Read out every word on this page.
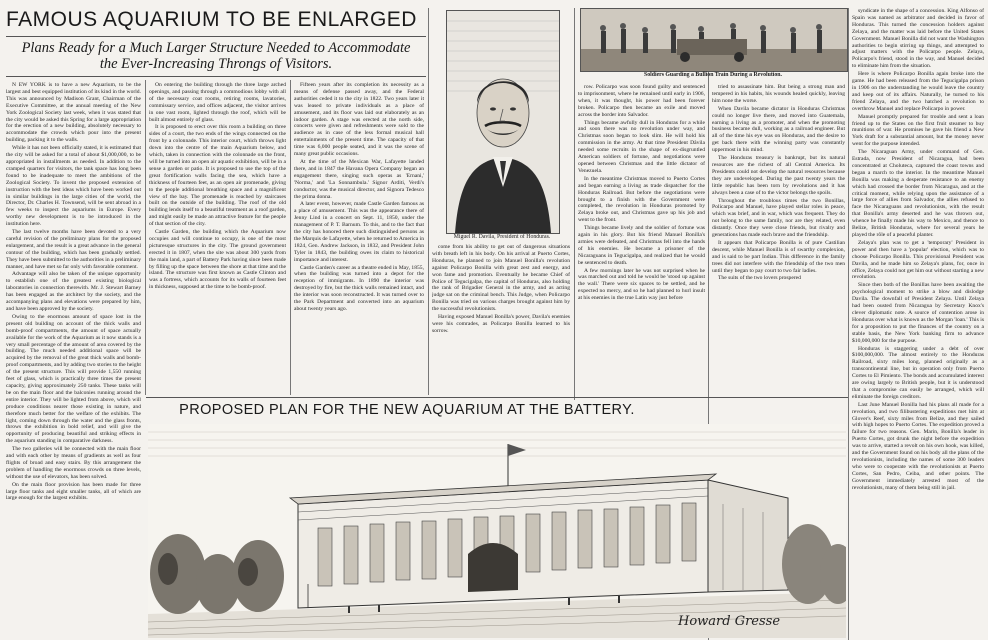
FAMOUS AQUARIUM TO BE ENLARGED
Plans Ready for a Much Larger Structure Needed to Accommodate
the Ever-Increasing Throngs of Visitors.

N EW YORK is to have a new Aquarium, to be the largest and best equipped institution of its kind in the world. This was announced by Madison Grant, Chairman of the Executive Committee, at the annual meeting of the New York Zoological Society last week, when it was stated that the city would be asked this Spring for a large appropriation for the erection of a new building, absolutely necessary to accommodate the crowds which pour into the present building, packing it to the walls.

While it has not been officially stated, it is estimated that the city will be asked for a total of about $1,000,000, to be appropriated in installments as needed. In addition to the cramped quarters for visitors, the tank space has long been found to be inadequate to meet the ambitions of the Zoological Society. To invent the proposed extension of instruction with the best ideas which have been worked out in similar buildings in the large cities of the world, the Director, Dr. Charles H. Townsend, will be sent abroad in a few weeks to inspect the aquariums in Europe. Every worthy new development is to be introduced in the institution here.

The last twelve months have been devoted to a very careful revision of the preliminary plans for the proposed enlargement, and the result is a great advance in the general contour of the building, which has been gradually settled. They have been submitted to the authorities in a preliminary manner, and have met so far only with favorable comment.

Advantage will also be taken of the unique opportunity to establish one of the greatest existing biological laboratories in connection therewith. Mr. J. Stewart Barney has been engaged as the architect by the society, and the accompanying plans and elevations were prepared by him, and have been approved by the society.

Owing to the enormous amount of space lost in the present old building on account of the thick walls and bomb-proof compartments, the amount of space actually available for the work of the Aquarium as it now stands is a very small percentage of the amount of area covered by the building. The much needed additional space will be acquired by the removal of the great thick walls and bomb-proof compartments, and by adding two stories to the height of the present structure. This will provide 1,550 running feet of glass, which is practically three times the present capacity, giving approximately 250 tanks. These tanks will be on the main floor and the balconies running around the entire interior. They will be lighted from above, which will produce conditions nearer those existing in nature, and therefore much better for the welfare of the exhibits. The light, coming down through the water and the glass fronts, throws the exhibition in bold relief, and will give the opportunity of producing beautiful and striking effects in the aquarium standing in comparative darkness.

The two galleries will be connected with the main floor and with each other by means of gradients as well as four flights of broad and easy stairs. By this arrangement the problem of handling the enormous crowds on three levels, without the use of elevators, has been solved.

On the main floor provision has been made for three large floor tanks and eight smaller tanks, all of which are large enough for the largest exhibits.

On entering the building through the three large arched openings, and passing through a commodious lobby with all of the necessary coat rooms, retiring rooms, lavatories, commissary service, and offices adjacent, the visitor arrives in one vast room, lighted through the roof, which will be built almost entirely of glass.

It is proposed to erect over this room a building on three sides of a court, the two ends of the wings connected on the front by a colonnade. This interior court, which throws light down into the centre of the main Aquarium below, and which, taken in connection with the colonnade on the front, will be turned into an open air aquatic exhibition, will be in a sense a garden or patio. It is proposed to use the top of the great fortification walls facing the sea, which have a thickness of fourteen feet, as an open air promenade, giving to the people additional breathing space and a magnificent view of the bay. The promenade is reached by staircases built on the outside of the building. The roof of the old building lends itself to a beautiful treatment as a roof garden, and might easily be made an attractive feature for the people of that section of the city.

Castle Garden, the building which the Aquarium now occupies and will continue to occupy, is one of the most picturesque structures in the city. The ground government erected it in 1807, when the site was about 300 yards from the main land, a part of Battery Park having since been made by filling up the space between the shore at that time and the island. The structure was first known as Castle Clinton and was a fortress, which accounts for its walls of fourteen feet in thickness, supposed at the time to be bomb-proof.

Fifteen years after its completion its necessity as a means of defense passed away, and the Federal authorities ceded it to the city in 1822. Two years later it was leased to private individuals as a place of amusement, and its floor was laid out elaborately as an indoor garden. A stage was erected at the north side, concerts were given and refreshments were sold to the audience as in case of the less formal musical hall entertainments of the present time. The capacity of that time was 6,000 people seated, and it was the scene of many great public occasions.

At the time of the Mexican War, Lafayette landed there, and in 1847 the Havana Opera Company began an engagement there, singing such operas as 'Ernani,' 'Norma,' and 'La Sonnambula.' Signor Arditi, Verdi's conductor, was the musical director, and Signora Tedesco the prima donna.

A later event, however, made Castle Garden famous as a place of amusement. This was the appearance there of Jenny Lind in a concert on Sept. 11, 1850, under the management of P. T. Barnum. To this, and to the fact that the city has honored there such distinguished persons as the Marquis de Lafayette, when he returned to America in 1824, Gen. Andrew Jackson, in 1832, and President John Tyler in 1843, the building owes its claim to historical importance and interest.

Castle Garden's career as a theatre ended in May, 1855, when the building was turned into a depot for the reception of immigrants. In 1890 the interior was destroyed by fire, but the thick walls remained intact, and the interior was soon reconstructed. It was turned over to the Park Department and converted into an aquarium about twenty years ago.

Miguel R. Davila, President of Honduras.
Soldiers Guarding a Bullion Train During a Revolution.

come from his ability to get out of dangerous situations with breath left in his body. On his arrival at Puerto Cortes, Honduras, he planned to join Manuel Bonilla's revolution against Policarpo Bonilla with great zest and energy, and won fame and promotion. Eventually he became Chief of Police of Tegucigalpa, the capital of Honduras, also holding the rank of Brigadier General in the army, and as acting judge sat on the criminal bench. This Judge, when Policarpo Bonilla was tried on various charges brought against him by the successful revolutionists.

Having exposed Manuel Bonilla's power, Davila's enemies were his comrades, as Policarpo Bonilla learned to his sorrow.

row. Policarpo was soon found guilty and sentenced to imprisonment, where he remained until early in 1906, when, it was thought, his power had been forever broken. Policarpo then became an exile and moved across the border into Salvador.

Things became awfully dull in Honduras for a while and soon there was no revolution under way, and Christmas soon began to look slim. He will hold his commission in the army. At that time President Dâvila needed some recruits in the shape of ex-disgruntled American soldiers of fortune, and negotiations were opened between Christmas and the little dictator of Venezuela.

In the meantime Christmas moved to Puerto Cortes and began earning a living as trade dispatcher for the Honduras Railroad. But before the negotiations were brought to a finish with the Government were completed, the revolution in Honduras promoted by Zelaya broke out, and Christmas gave up his job and went to the front.

Things became lively and the soldier of fortune was again in his glory. But his friend Manuel Bonilla's armies were defeated, and Christmas fell into the hands of his enemies. He became a prisoner of the Nicaraguans in Tegucigalpa, and realized that he would be sentenced to death.

A few mornings later he was not surprised when he was marched out and told he would be 'stood up against the wall.' There were six spaces to be settled, and he expected no mercy, and so he had planned to hurl insult at his enemies in the true Latin way just before

tried to assassinate him. But being a strong man and tempered in his habits, his wounds healed quickly, leaving him none the worse.

When Davila became dictator in Honduras Christmas could no longer live there, and moved into Guatemala, earning a living as a promoter, and when the promoting business became dull, working as a railroad engineer. But all of the time his eye was on Honduras, and the desire to get back there with the winning party was constantly uppermost in his mind.

The Honduras treasury is bankrupt, but its natural resources are the richest of all Central America. Its Presidents could not develop the natural resources because they are undeveloped. During the past twenty years the little republic has been torn by revolutions and it has always been a case of to the victor belongs the spoils.

Throughout the troublous times the two Bonillas, Policarpo and Manuel, have played stellar roles in peace, which was brief, and in war, which was frequent. They do not belong to the same family, nor are they related, even distantly. Once they were close friends, but rivalry and generations has made each brave and the friendship.

It appears that Policarpo Bonilla is of pure Castilian descent, while Manuel Bonilla is of swarthy complexion, and is said to be part Indian. This difference in the family trees did not interfere with the friendship of the two men until they began to pay court to two fair ladies.

The suits of the two lovers prospered

syndicate in the shape of a concession. King Alfonso of Spain was named as arbitrator and decided in favor of Honduras. This turned the concession holders against Zelaya, and the matter was laid before the United States Government. Manuel Bonilla did not want the Washington authorities to begin stirring up things, and attempted to adjust matters with the Policarpo people. Zelaya, Policarpo's friend, stood in the way, and Manuel decided to eliminate him from the situation.

Here is where Policarpo Bonilla again broke into the game. He had been released from the Tegucigalpa prison in 1906 on the understanding he would leave the country and keep out of its affairs. Naturally, he turned to his friend Zelaya, and the two hatched a revolution to overthrow Manuel and replace Policarpo in power.

Manuel promptly prepared for trouble and sent a loan friend up to the States on the first fruit steamer to buy munitions of war. He promises he gave his friend a New York draft for a substantial amount, but the money never went for the purpose intended.

The Nicaraguan Army, under command of Gen. Estrada, now President of Nicaragua, had been concentrated at Choluteca, captured the coast towns and began a march to the interior. In the meantime Manuel Bonilla was making a desperate resistance to an enemy which had crossed the border from Nicaragua, and at the critical moment, while relying upon the assistance of a large force of allies from Salvador, the allies refused to face the Nicaraguans and revolutionists, with the result that Bonilla's army deserted and he was thrown out, whence he finally made his way to Mexico, and thence to Belize, British Honduras, where for several years he played the rôle of a peaceful planter.

Zelaya's plan was to get a 'temporary' President in power and then have a 'popular' election, which was to choose Policarpo Bonilla. This provisional President was Davila, and he made him so Zelaya's plans, for, once in office, Zelaya could not get him out without starting a new revolution.

Since then both of the Bonillas have been awaiting the psychological moment to strike a blow and dislodge Davila. The downfall of President Zelaya. Until Zelaya had been ousted from Nicaragua by Secretary Knox's clever diplomatic note. A source of contention arose in Honduras over what is known as the Morgan 'loan.' This is for a proposition to put the finances of the country on a stable basis, the New York banking firm to advance $10,000,000 for the purpose.

Honduras is staggering under a debt of over $100,000,000. The almost entirely to the Honduras Railroad, sixty miles long, planned originally as a transcontinental line, but in operation only from Puerto Cortes to El Pimiento. The bonds and accumulated interest are owing largely to British people, but it is understood that a compromise can easily be arranged, which will eliminate the foreign creditors.

Last June Manuel Bonilla had his plans all made for a revolution, and two filibustering expeditions met him at Glover's Reef, sixty miles from Belize, and they sailed with high hopes to Puerto Cortes. The expedition proved a failure for two reasons. Gen. Marin, Bonilla's leader in Puerto Cortes, got drunk the night before the expedition was to arrive, started a revolt on his own hook, was killed, and the Government found on his body all the plans of the revolutionists, including the names of some 300 leaders who were to cooperate with the revolutionists at Puerto Cortes, San Pedro, Ceiba, and other points. The Government immediately arrested most of the revolutionists, many of them being still in jail.

PROPOSED PLAN FOR THE NEW AQUARIUM AT THE BATTERY.
Howard Gresse
